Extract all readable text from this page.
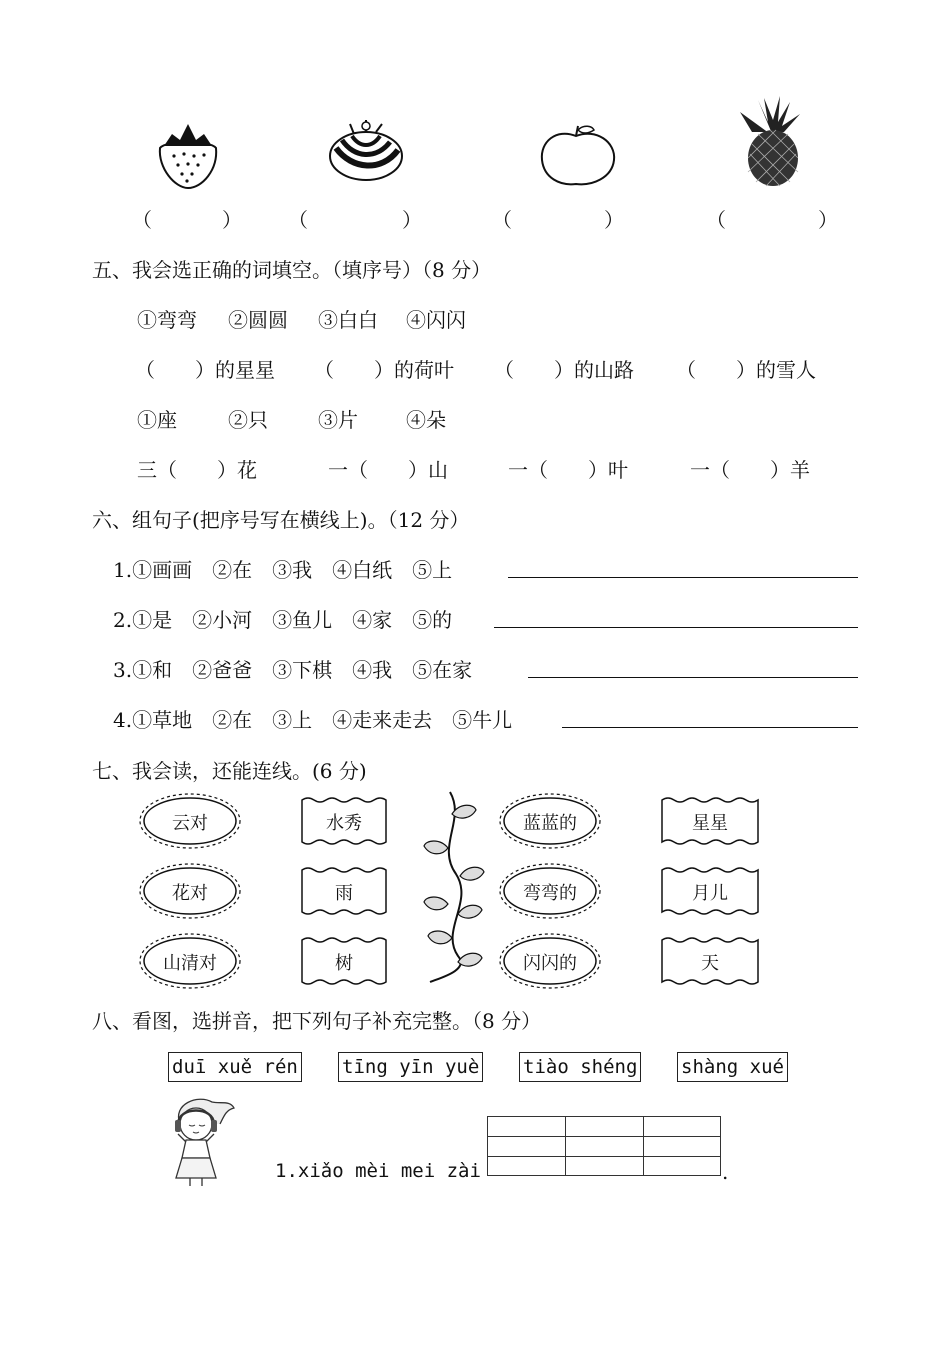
（	） （	）	（	）	（	）
五、我会选正确的词填空。（填序号）（8 分）
①弯弯 ②圆圆 ③白白 ④闪闪
（　　）的星星 （　　）的荷叶 （　　）的山路 （　　）的雪人
①座	②只	③片 ④朵
三（　　）花	一（　　）山	一（　　）叶	一（　　）羊
六、组句子(把序号写在横线上)。（12 分）
1.①画画　②在　③我　④白纸　⑤上
2.①是　②小河　③鱼儿　④家　⑤的
3.①和　②爸爸　③下棋　④我　⑤在家
4.①草地　②在　③上　④走来走去　⑤牛儿
七、我会读，还能连线。(6 分)
云对
花对
山清对
水秀
雨
树
蓝蓝的
弯弯的
闪闪的
星星
月儿
天
八、看图，选拼音，把下列句子补充完整。（8 分）
duī xuě rén tīng yīn yuè tiào shéng shàng xué
1.xiǎo mèi mei zài	.
